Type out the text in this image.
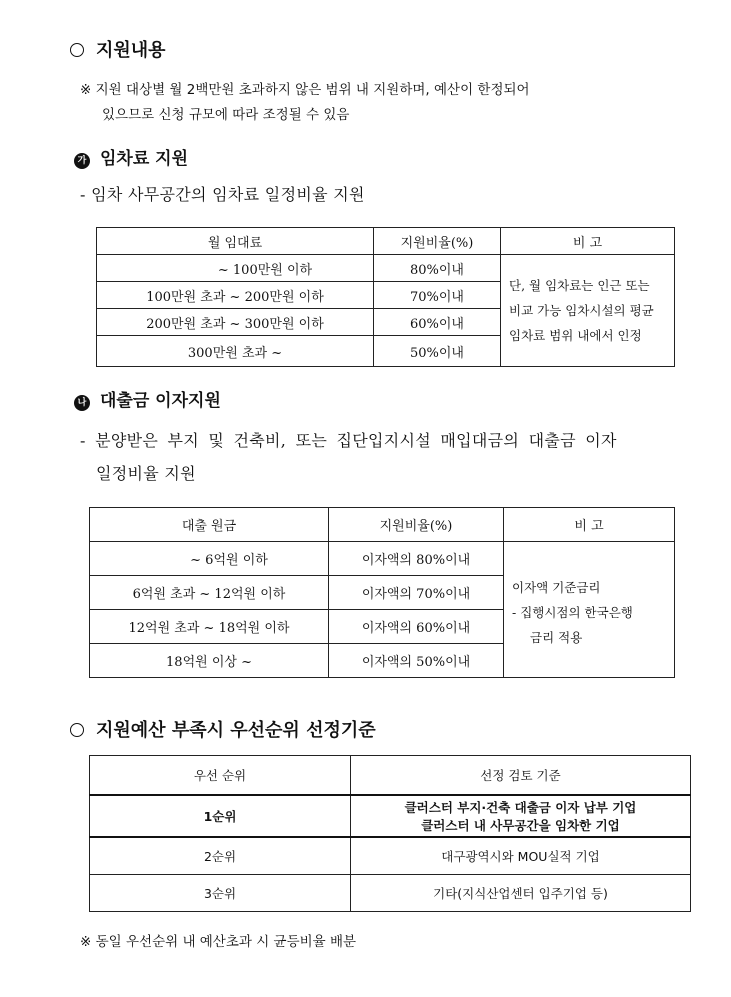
지원내용
※ 지원 대상별 월 2백만원 초과하지 않은 범위 내 지원하며, 예산이 한정되어
있으므로 신청 규모에 따라 조정될 수 있음
가 임차료 지원
- 임차 사무공간의 임차료 일정비율 지원
월 임대료	지원비율(%)	비 고
~ 100만원 이하	80%이내	단, 월 임차료는 인근 또는
비교 가능 임차시설의 평균
임차료 범위 내에서 인정

100만원 초과 ~ 200만원 이하	70%이내	
200만원 초과 ~ 300만원 이하	60%이내	
300만원 초과 ~	50%이내	
나 대출금 이자지원
- 분양받은 부지 및 건축비, 또는 집단입지시설 매입대금의 대출금 이자
일정비율 지원
대출 원금	지원비율(%)	비 고
~ 6억원 이하	이자액의 80%이내	이자액 기준금리
- 집행시점의 한국은행
금리 적용

6억원 초과 ~ 12억원 이하	이자액의 70%이내	
12억원 초과 ~ 18억원 이하	이자액의 60%이내	
18억원 이상 ~	이자액의 50%이내	
지원예산 부족시 우선순위 선정기준
우선 순위	선정 검토 기준
1순위	클러스터 부지·건축 대출금 이자 납부 기업
클러스터 내 사무공간을 임차한 기업

2순위	대구광역시와 MOU실적 기업
3순위	기타(지식산업센터 입주기업 등)
※ 동일 우선순위 내 예산초과 시 균등비율 배분
